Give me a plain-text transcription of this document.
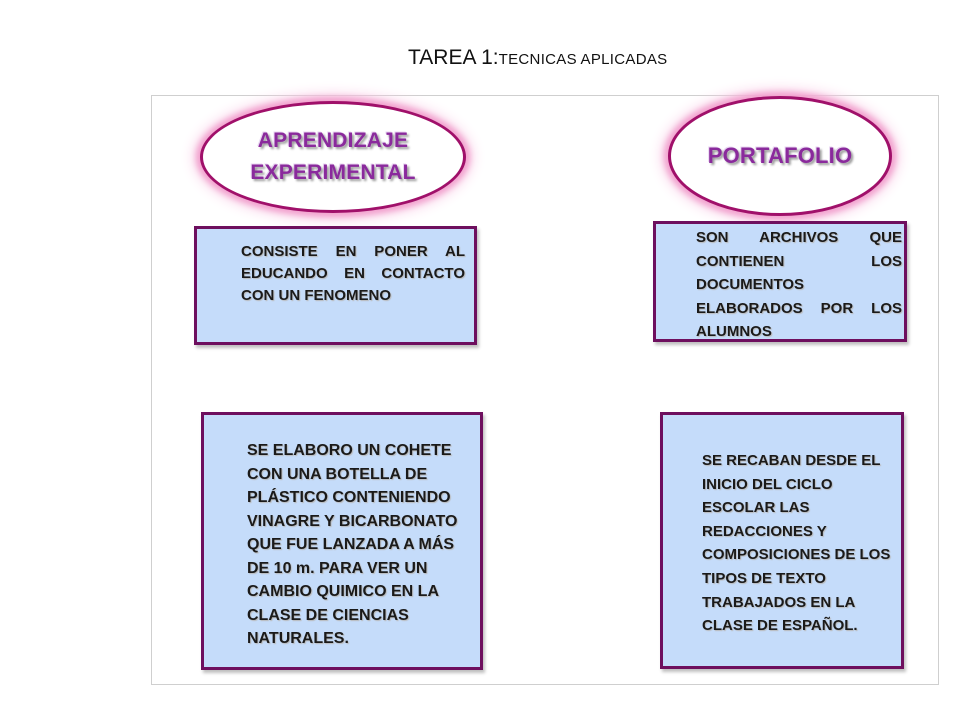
TAREA 1:TECNICAS APLICADAS
APRENDIZAJE
EXPERIMENTAL
PORTAFOLIO
CONSISTE EN PONER AL EDUCANDO EN CONTACTO CON UN FENOMENO
SON ARCHIVOS QUE CONTIENEN LOS DOCUMENTOS ELABORADOS POR LOS ALUMNOS
SE ELABORO UN COHETE CON UNA BOTELLA DE PLÁSTICO CONTENIENDO VINAGRE Y BICARBONATO QUE FUE LANZADA A MÁS DE 10 m. PARA VER UN CAMBIO QUIMICO EN LA CLASE DE CIENCIAS NATURALES.
SE RECABAN DESDE EL INICIO DEL CICLO ESCOLAR LAS REDACCIONES Y COMPOSICIONES DE LOS TIPOS DE TEXTO TRABAJADOS EN LA CLASE DE ESPAÑOL.
